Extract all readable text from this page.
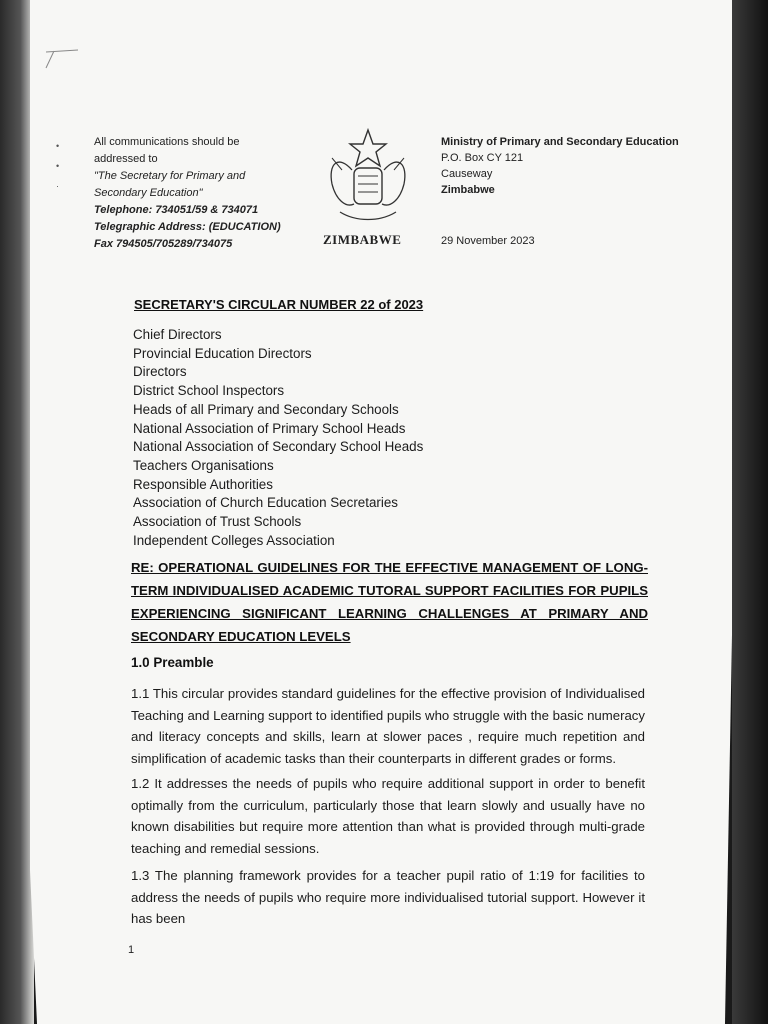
•
•
·
All communications should be
addressed to
"The Secretary for Primary and
Secondary Education"
Telephone: 734051/59 & 734071
Telegraphic Address: (EDUCATION)
Fax 794505/705289/734075	ZIMBABWE
Ministry of Primary and Secondary Education
P.O. Box CY 121
Causeway
Zimbabwe
29 November 2023
SECRETARY'S CIRCULAR NUMBER 22 of 2023
Chief Directors
Provincial Education Directors
Directors
District School Inspectors
Heads of all Primary and Secondary Schools
National Association of Primary School Heads
National Association of Secondary School Heads
Teachers Organisations
Responsible Authorities
Association of Church Education Secretaries
Association of Trust Schools
Independent Colleges Association
RE: OPERATIONAL GUIDELINES FOR THE EFFECTIVE MANAGEMENT OF LONG-TERM INDIVIDUALISED ACADEMIC TUTORAL SUPPORT FACILITIES FOR PUPILS EXPERIENCING SIGNIFICANT LEARNING CHALLENGES AT PRIMARY AND SECONDARY EDUCATION LEVELS
1.0 Preamble
1.1 This circular provides standard guidelines for the effective provision of Individualised Teaching and Learning support to identified pupils who struggle with the basic numeracy and literacy concepts and skills, learn at slower paces , require much repetition and simplification of academic tasks than their counterparts in different grades or forms.
1.2 It addresses the needs of pupils who require additional support in order to benefit optimally from the curriculum, particularly those that learn slowly and usually have no known disabilities but require more attention than what is provided through multi-grade teaching and remedial sessions.
1.3 The planning framework provides for a teacher pupil ratio of 1:19 for facilities to address the needs of pupils who require more individualised tutorial support. However it has been
1
